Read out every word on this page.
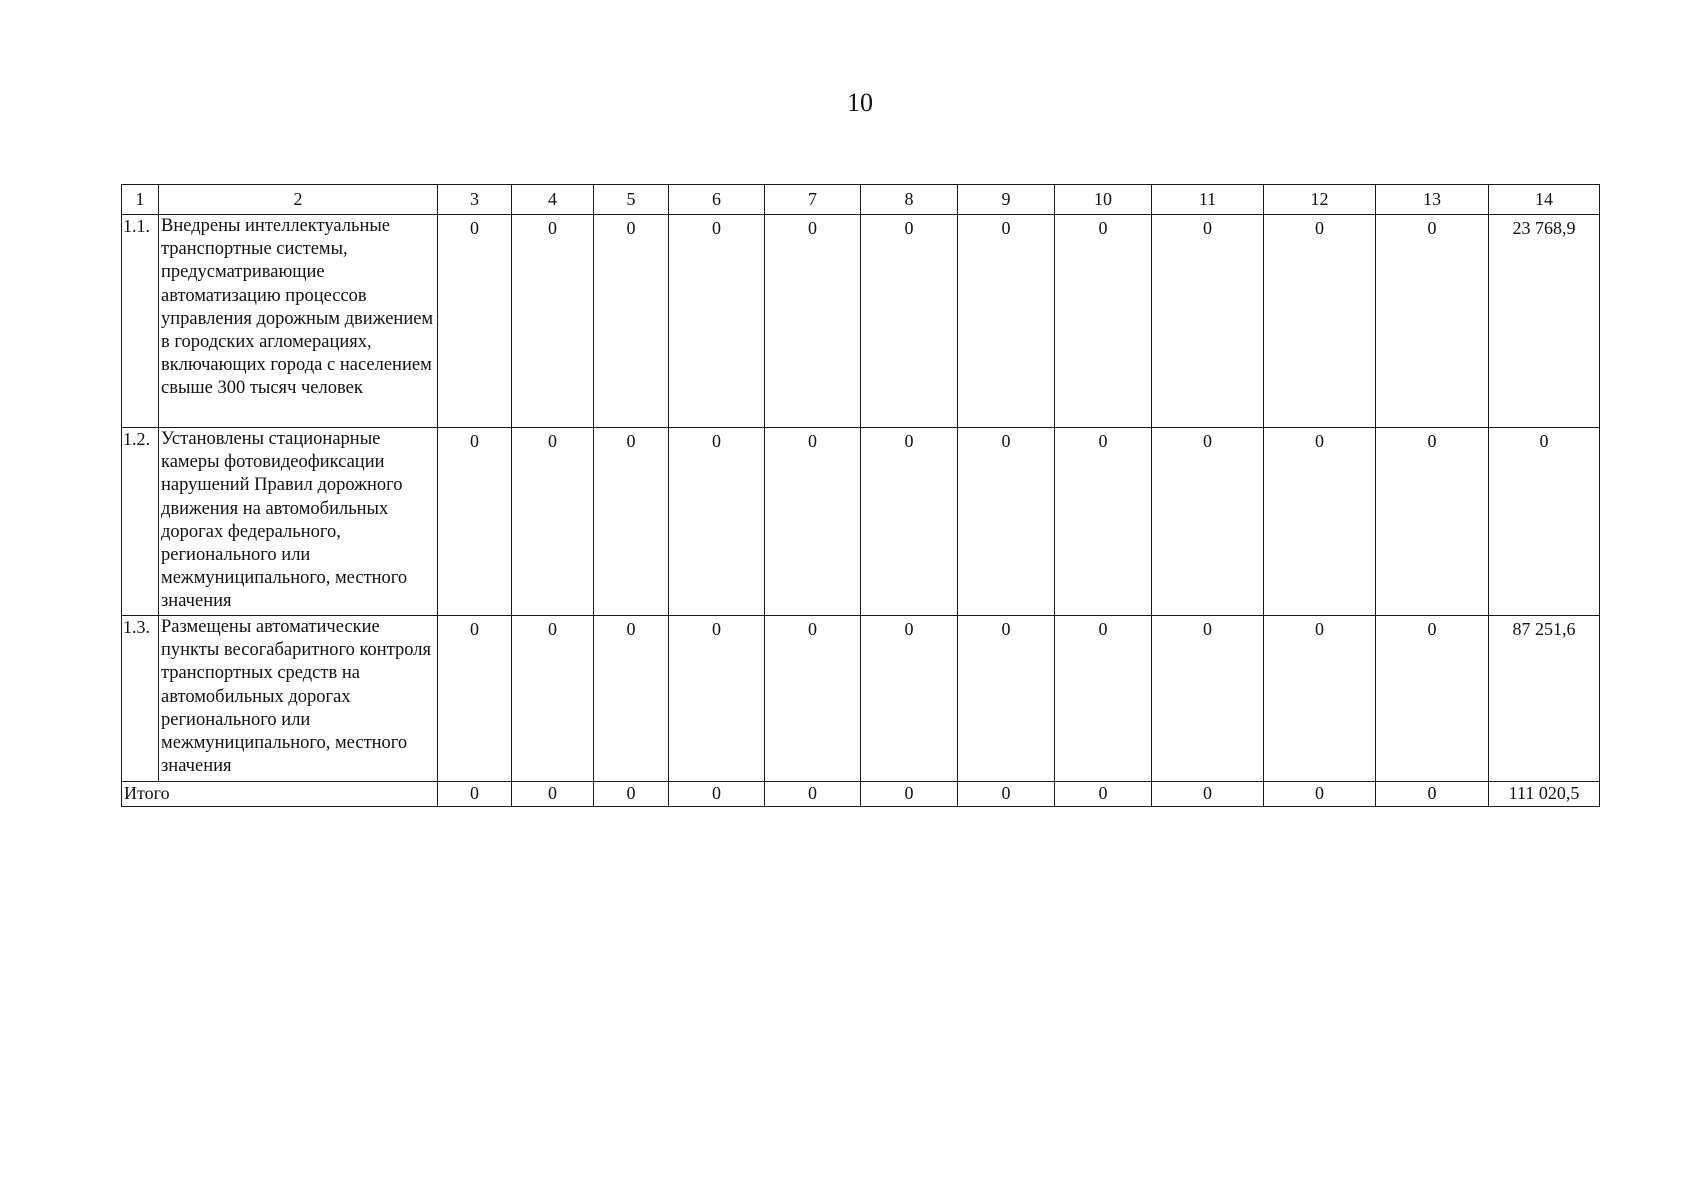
10
1	2	3	4	5	6	7	8	9	10	11	12	13	14
1.1.	Внедрены интеллектуальные транспортные системы, предусматривающие автоматизацию процессов управления дорожным движением в городских агломерациях, включающих города с населением свыше 300 тысяч человек	0	0	0	0	0	0	0	0	0	0	0	23 768,9
1.2.	Установлены стационарные камеры фотовидеофиксации нарушений Правил дорожного движения на автомобильных дорогах федерального, регионального или межмуниципального, местного значения	0	0	0	0	0	0	0	0	0	0	0	0
1.3.	Размещены автоматические пункты весогабаритного контроля транспортных средств на автомобильных дорогах регионального или межмуниципального, местного значения	0	0	0	0	0	0	0	0	0	0	0	87 251,6
Итого		0	0	0	0	0	0	0	0	0	0	0	111 020,5
